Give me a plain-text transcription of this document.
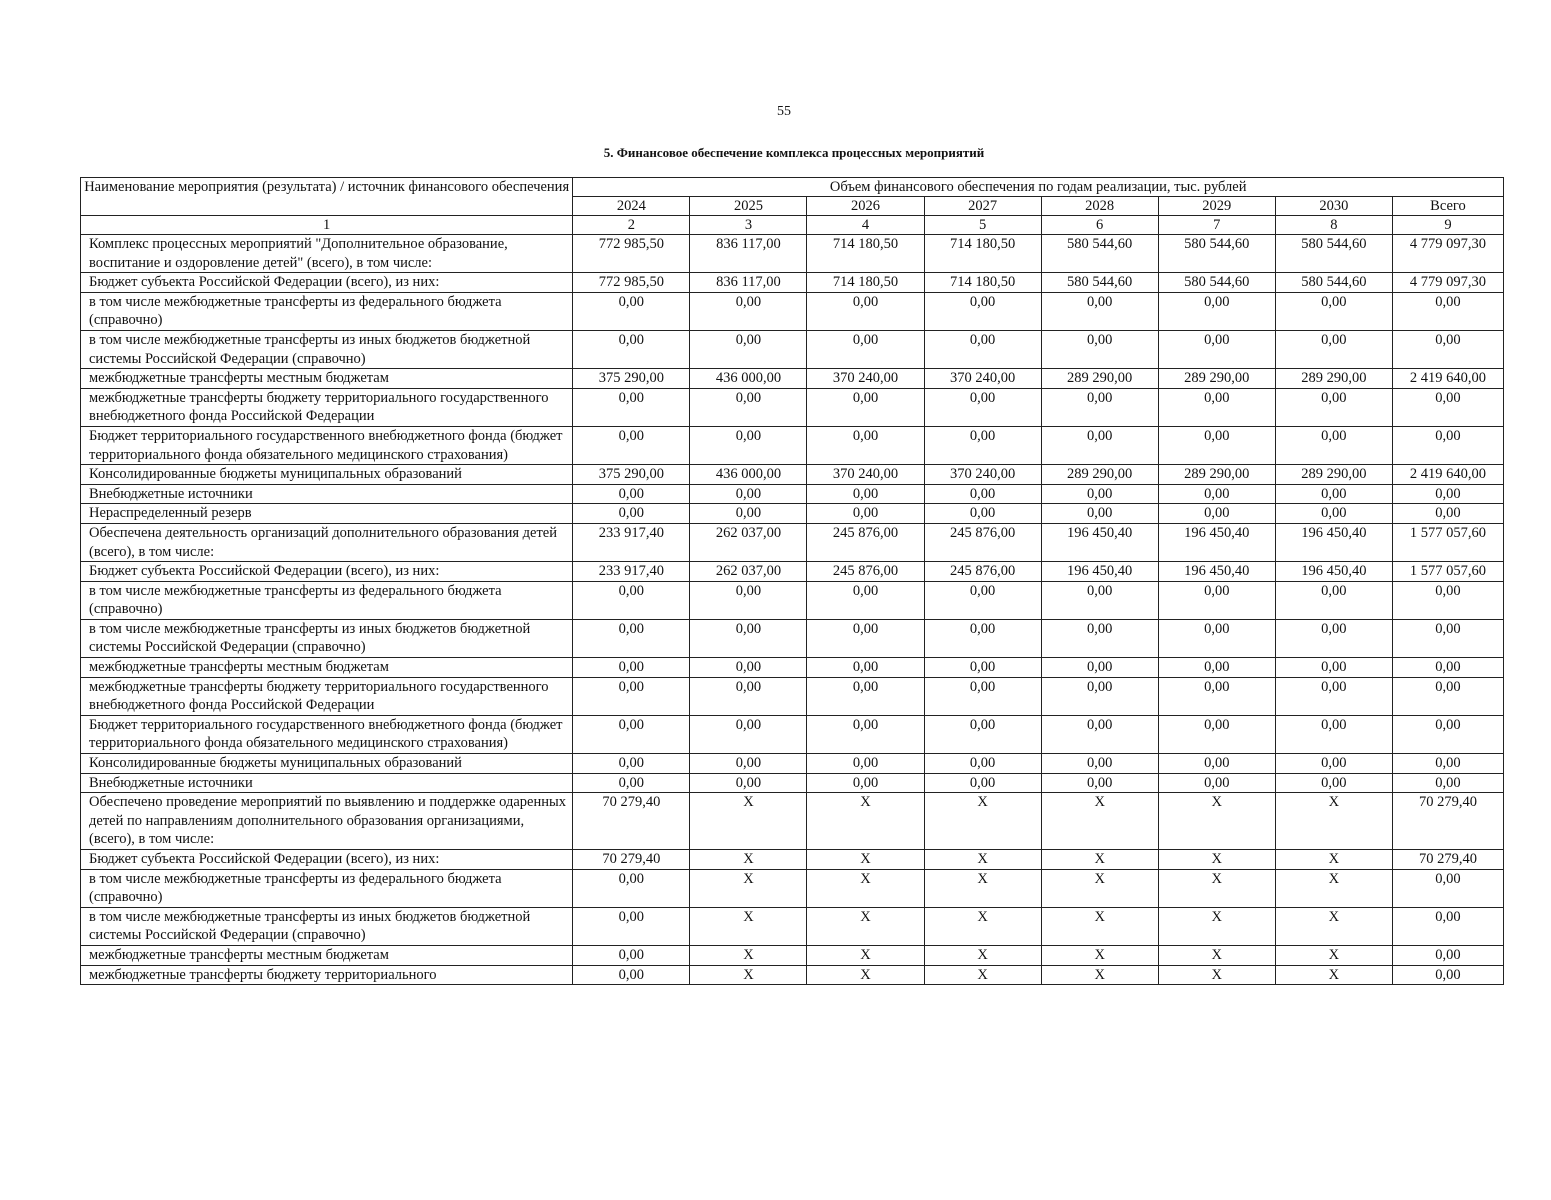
55
5. Финансовое обеспечение комплекса процессных мероприятий
Наименование мероприятия (результата) / источник финансового обеспечения	Объем финансового обеспечения по годам реализации, тыс. рублей							
	2024	2025	2026	2027	2028	2029	2030	Всего
1	2	3	4	5	6	7	8	9
Комплекс процессных мероприятий "Дополнительное образование, воспитание и оздоровление детей" (всего), в том числе:	772 985,50	836 117,00	714 180,50	714 180,50	580 544,60	580 544,60	580 544,60	4 779 097,30
Бюджет субъекта Российской Федерации (всего), из них:	772 985,50	836 117,00	714 180,50	714 180,50	580 544,60	580 544,60	580 544,60	4 779 097,30
в том числе межбюджетные трансферты из федерального бюджета (справочно)	0,00	0,00	0,00	0,00	0,00	0,00	0,00	0,00
в том числе межбюджетные трансферты из иных бюджетов бюджетной системы Российской Федерации (справочно)	0,00	0,00	0,00	0,00	0,00	0,00	0,00	0,00
межбюджетные трансферты местным бюджетам	375 290,00	436 000,00	370 240,00	370 240,00	289 290,00	289 290,00	289 290,00	2 419 640,00
межбюджетные трансферты бюджету территориального государственного внебюджетного фонда Российской Федерации	0,00	0,00	0,00	0,00	0,00	0,00	0,00	0,00
Бюджет территориального государственного внебюджетного фонда (бюджет территориального фонда обязательного медицинского страхования)	0,00	0,00	0,00	0,00	0,00	0,00	0,00	0,00
Консолидированные бюджеты муниципальных образований	375 290,00	436 000,00	370 240,00	370 240,00	289 290,00	289 290,00	289 290,00	2 419 640,00
Внебюджетные источники	0,00	0,00	0,00	0,00	0,00	0,00	0,00	0,00
Нераспределенный резерв	0,00	0,00	0,00	0,00	0,00	0,00	0,00	0,00
Обеспечена деятельность организаций дополнительного образования детей (всего), в том числе:	233 917,40	262 037,00	245 876,00	245 876,00	196 450,40	196 450,40	196 450,40	1 577 057,60
Бюджет субъекта Российской Федерации (всего), из них:	233 917,40	262 037,00	245 876,00	245 876,00	196 450,40	196 450,40	196 450,40	1 577 057,60
в том числе межбюджетные трансферты из федерального бюджета (справочно)	0,00	0,00	0,00	0,00	0,00	0,00	0,00	0,00
в том числе межбюджетные трансферты из иных бюджетов бюджетной системы Российской Федерации (справочно)	0,00	0,00	0,00	0,00	0,00	0,00	0,00	0,00
межбюджетные трансферты местным бюджетам	0,00	0,00	0,00	0,00	0,00	0,00	0,00	0,00
межбюджетные трансферты бюджету территориального государственного внебюджетного фонда Российской Федерации	0,00	0,00	0,00	0,00	0,00	0,00	0,00	0,00
Бюджет территориального государственного внебюджетного фонда (бюджет территориального фонда обязательного медицинского страхования)	0,00	0,00	0,00	0,00	0,00	0,00	0,00	0,00
Консолидированные бюджеты муниципальных образований	0,00	0,00	0,00	0,00	0,00	0,00	0,00	0,00
Внебюджетные источники	0,00	0,00	0,00	0,00	0,00	0,00	0,00	0,00
Обеспечено проведение мероприятий по выявлению и поддержке одаренных детей по направлениям дополнительного образования организациями, (всего), в том числе:	70 279,40	X	X	X	X	X	X	70 279,40
Бюджет субъекта Российской Федерации (всего), из них:	70 279,40	X	X	X	X	X	X	70 279,40
в том числе межбюджетные трансферты из федерального бюджета (справочно)	0,00	X	X	X	X	X	X	0,00
в том числе межбюджетные трансферты из иных бюджетов бюджетной системы Российской Федерации (справочно)	0,00	X	X	X	X	X	X	0,00
межбюджетные трансферты местным бюджетам	0,00	X	X	X	X	X	X	0,00
межбюджетные трансферты бюджету территориального	0,00	X	X	X	X	X	X	0,00
